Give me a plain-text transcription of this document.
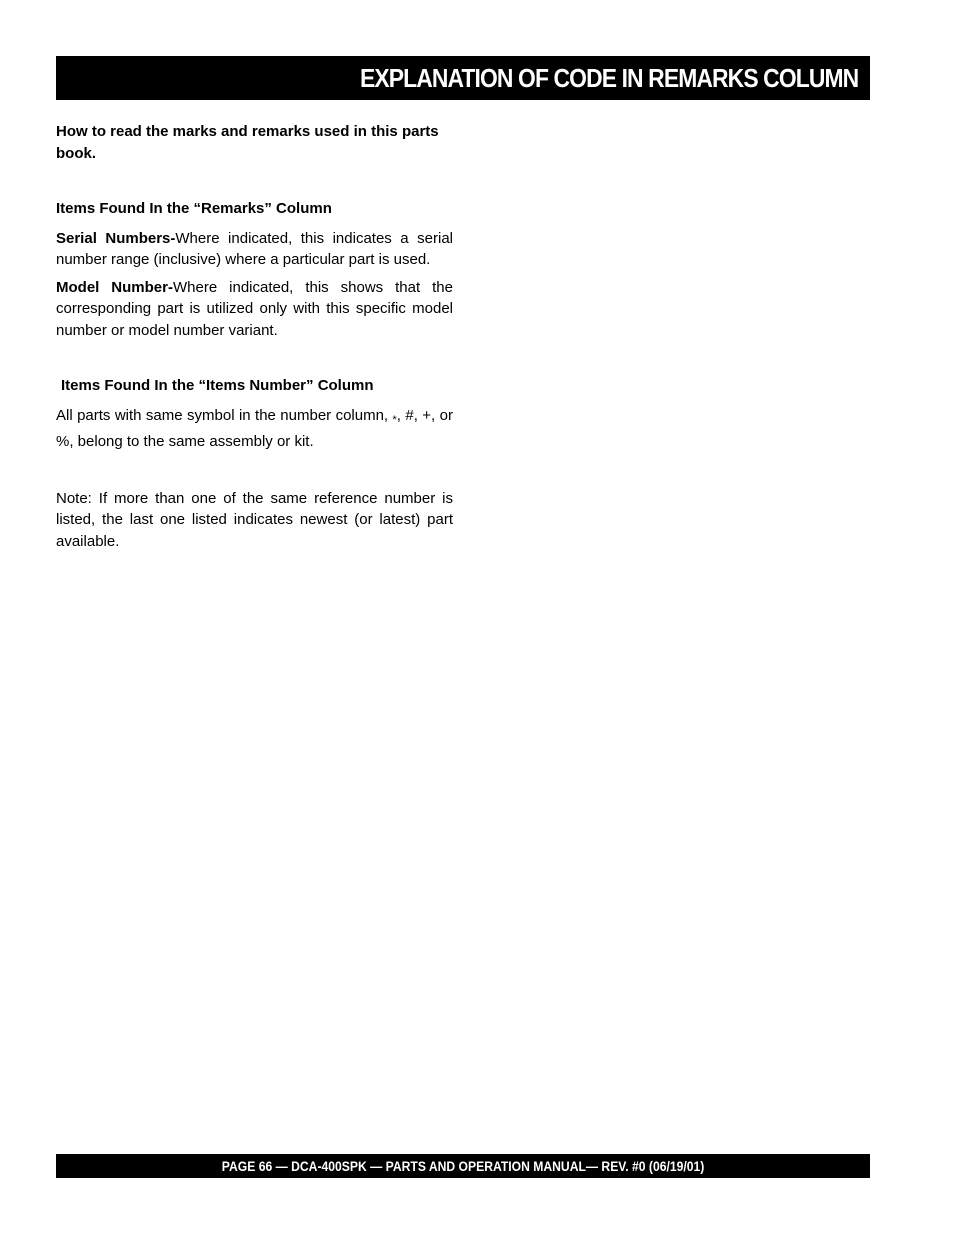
EXPLANATION OF CODE IN REMARKS COLUMN

How to read the marks and remarks used in this parts book.

Items Found In the “Remarks” Column

Serial Numbers-Where indicated, this indicates a serial number range (inclusive) where a particular part is used.

Model Number-Where indicated, this shows that the corresponding part is utilized only with this specific model number or model number variant.

Items Found In the “Items Number” Column

All parts with same symbol in the number column, $_*$, #, +, or %, belong to the same assembly or kit.

Note: If more than one of the same reference number is listed, the last one listed indicates newest (or latest) part available.

PAGE 66 — DCA-400SPK — PARTS AND OPERATION MANUAL— REV. #0 (06/19/01)
